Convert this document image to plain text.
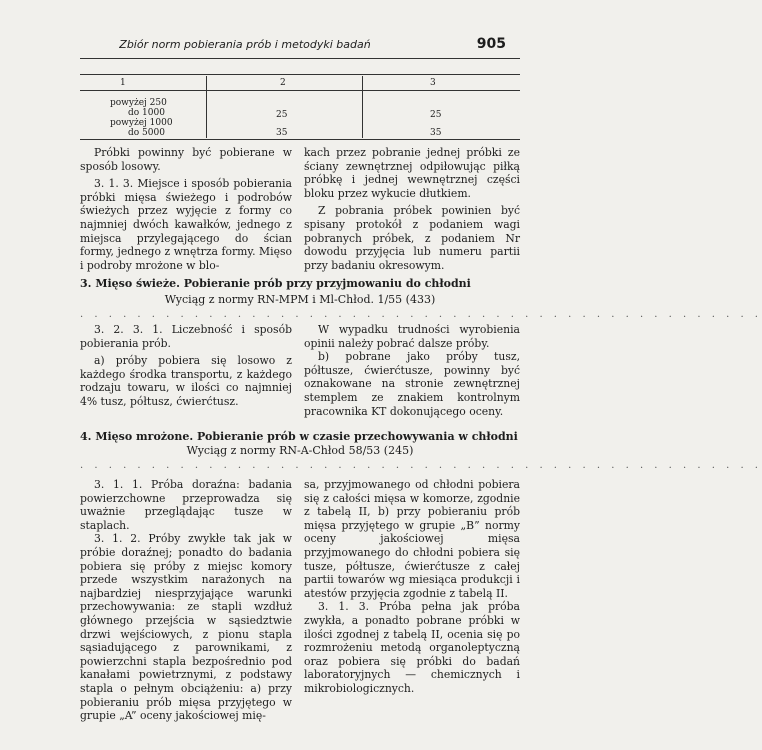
Zbiór norm pobierania prób i metodyki badań	905
1	2	3
powyżej 250
do 1000	25	25
powyżej 1000
do 5000	35	35

Próbki powinny być pobierane w sposób losowy.

3. 1. 3. Miejsce i sposób pobierania próbki mięsa świeżego i podrobów świeżych przez wyjęcie z formy co najmniej dwóch kawałków, jednego z miejsca przylegającego do ścian formy, jednego z wnętrza formy. Mięso i podroby mrożone w blo-

kach przez pobranie jednej próbki ze ściany zewnętrznej odpiłowując piłką próbkę i jednej wewnętrznej części bloku przez wykucie dłutkiem.

Z pobrania próbek powinien być spisany protokół z podaniem wagi pobranych próbek, z podaniem Nr dowodu przyjęcia lub numeru partii przy badaniu okresowym.

3. Mięso świeże. Pobieranie prób przy przyjmowaniu do chłodni
Wyciąg z normy RN-MPM i Ml-Chłod. 1/55 (433)
. . . . . . . . . . . . . . . . . . . . . . . . . . . . . . . . . . . . . . . . . . . . . . . .

3. 2. 3. 1. Liczebność i sposób pobierania prób.

a) próby pobiera się losowo z każdego środka transportu, z każdego rodzaju towaru, w ilości co najmniej 4% tusz, półtusz, ćwierćtusz.

W wypadku trudności wyrobienia opinii należy pobrać dalsze próby.

b) pobrane jako próby tusz, półtusze, ćwierćtusze, powinny być oznakowane na stronie zewnętrznej stemplem ze znakiem kontrolnym pracownika KT dokonującego oceny.

4. Mięso mrożone. Pobieranie prób w czasie przechowywania w chłodni
Wyciąg z normy RN-A-Chłod 58/53 (245)
. . . . . . . . . . . . . . . . . . . . . . . . . . . . . . . . . . . . . . . . . . . . . . . .

3. 1. 1. Próba doraźna: badania powierzchowne przeprowadza się uważnie przeglądając tusze w staplach.

3. 1. 2. Próby zwykłe tak jak w próbie doraźnej; ponadto do badania pobiera się próby z miejsc komory przede wszystkim narażonych na najbardziej niesprzyjające warunki przechowywania: ze stapli wzdłuż głównego przejścia w sąsiedztwie drzwi wejściowych, z pionu stapla sąsiadującego z parownikami, z powierzchni stapla bezpośrednio pod kanałami powietrznymi, z podstawy stapla o pełnym obciążeniu: a) przy pobieraniu prób mięsa przyjętego w grupie „A” oceny jakościowej mię-

sa, przyjmowanego od chłodni pobiera się z całości mięsa w komorze, zgodnie z tabelą II, b) przy pobieraniu prób mięsa przyjętego w grupie „B” normy oceny jakościowej mięsa przyjmowanego do chłodni pobiera się tusze, półtusze, ćwierćtusze z całej partii towarów wg miesiąca produkcji i atestów przyjęcia zgodnie z tabelą II.

3. 1. 3. Próba pełna jak próba zwykła, a ponadto pobrane próbki w ilości zgodnej z tabelą II, ocenia się po rozmrożeniu metodą organoleptyczną oraz pobiera się próbki do badań laboratoryjnych — chemicznych i mikrobiologicznych.
